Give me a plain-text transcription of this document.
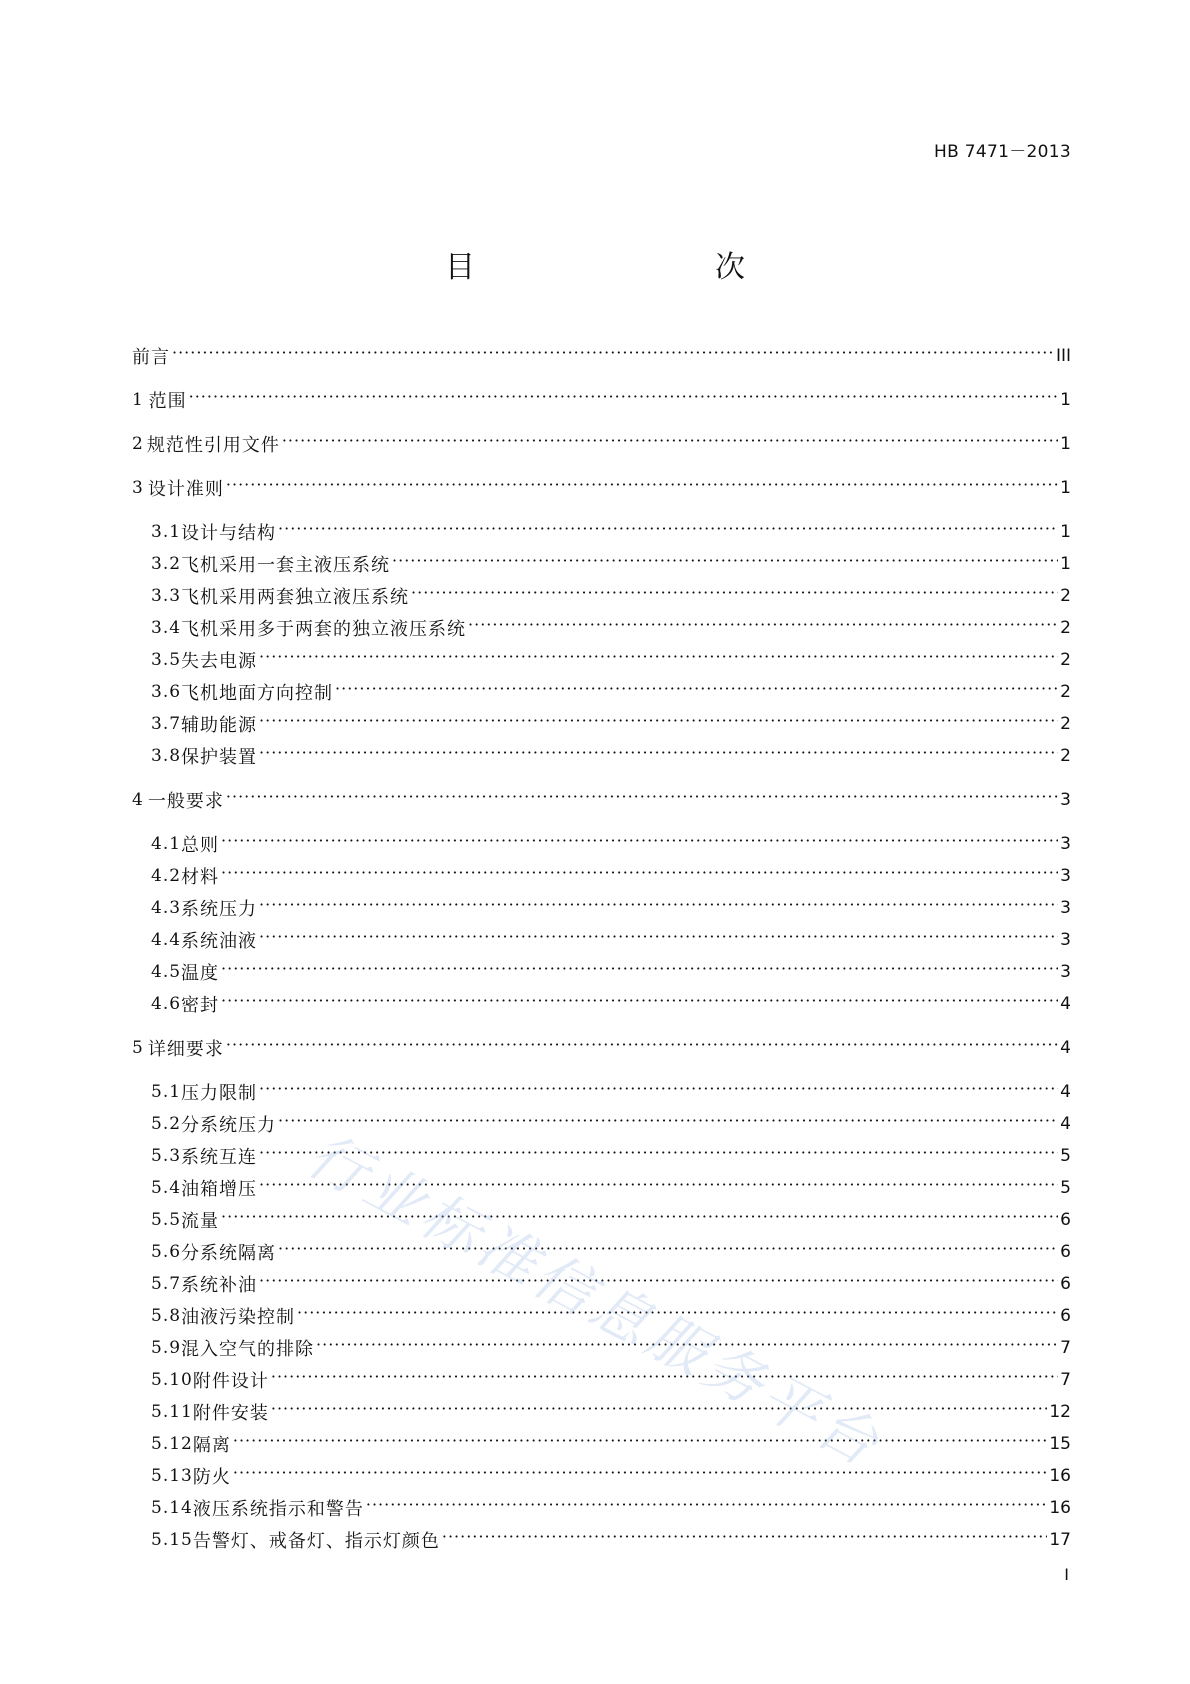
HB 7471－2013
目　　次
前言 ·····	III
1 范围 ·····	1
2 规范性引用文件 ·····	1
3 设计准则 ·····	1
3.1 设计与结构 ·····	1
3.2 飞机采用一套主液压系统 ·····	1
3.3 飞机采用两套独立液压系统 ·····	2
3.4 飞机采用多于两套的独立液压系统 ·····	2
3.5 失去电源 ·····	2
3.6 飞机地面方向控制 ·····	2
3.7 辅助能源 ·····	2
3.8 保护装置 ·····	2
4 一般要求 ·····	3
4.1 总则 ·····	3
4.2 材料 ·····	3
4.3 系统压力 ·····	3
4.4 系统油液 ·····	3
4.5 温度 ·····	3
4.6 密封 ·····	4
5 详细要求 ·····	4
5.1 压力限制 ·····	4
5.2 分系统压力 ·····	4
5.3 系统互连 ·····	5
5.4 油箱增压 ·····	5
5.5 流量 ·····	6
5.6 分系统隔离 ·····	6
5.7 系统补油 ·····	6
5.8 油液污染控制 ·····	6
5.9 混入空气的排除 ·····	7
5.10 附件设计 ·····	7
5.11 附件安装 ·····	12
5.12 隔离 ·····	15
5.13 防火 ·····	16
5.14 液压系统指示和警告 ·····	16
5.15 告警灯、戒备灯、指示灯颜色 ·····	17
I
行业标准信息服务平台
